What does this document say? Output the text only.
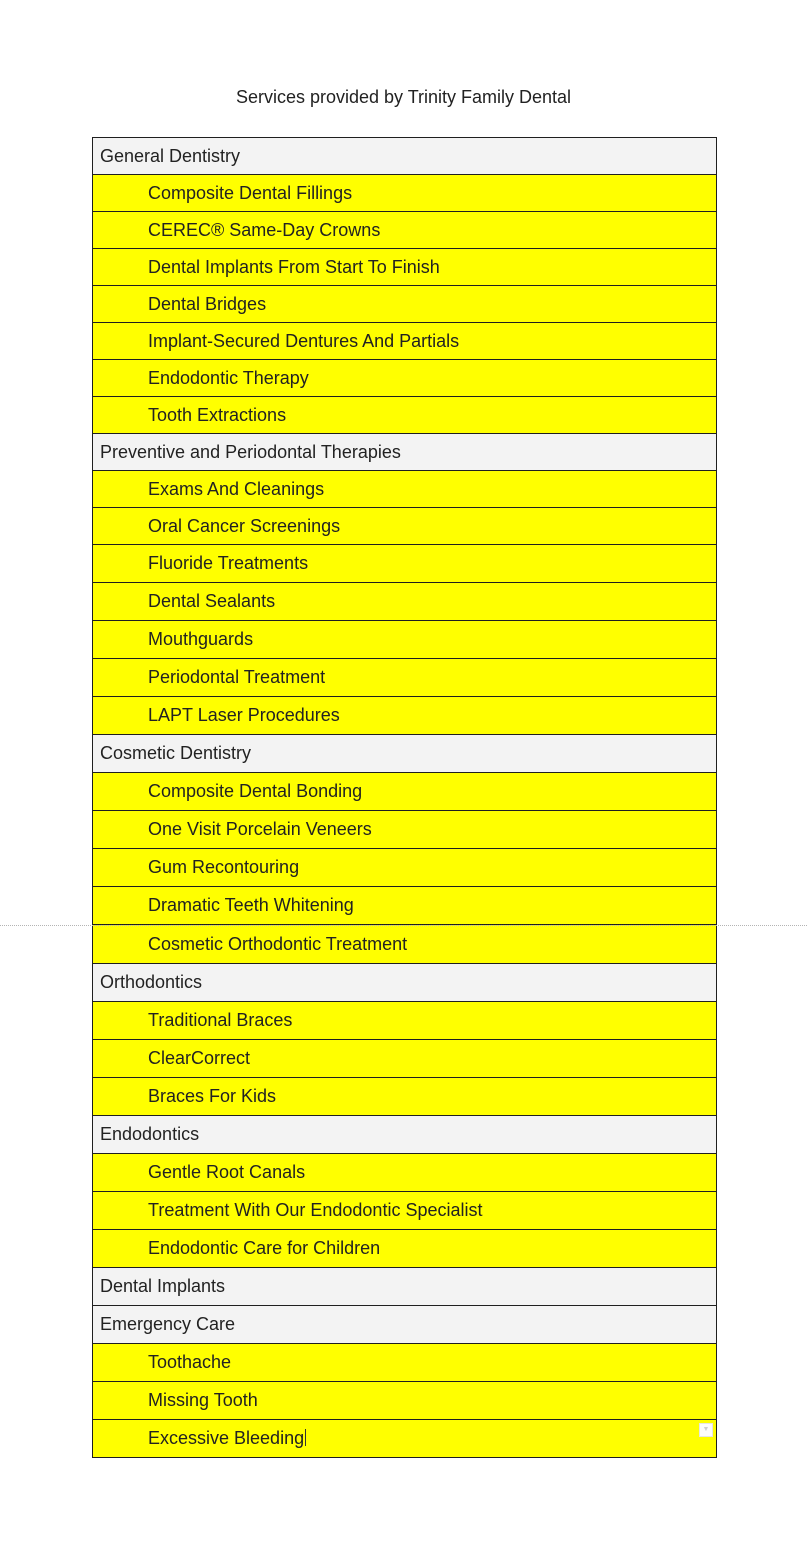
Services provided by Trinity Family Dental
General Dentistry
Composite Dental Fillings
CEREC® Same-Day Crowns
Dental Implants From Start To Finish
Dental Bridges
Implant-Secured Dentures And Partials
Endodontic Therapy
Tooth Extractions
Preventive and Periodontal Therapies
Exams And Cleanings
Oral Cancer Screenings
Fluoride Treatments
Dental Sealants
Mouthguards
Periodontal Treatment
LAPT Laser Procedures
Cosmetic Dentistry
Composite Dental Bonding
One Visit Porcelain Veneers
Gum Recontouring
Dramatic Teeth Whitening
Cosmetic Orthodontic Treatment
Orthodontics
Traditional Braces
ClearCorrect
Braces For Kids
Endodontics
Gentle Root Canals
Treatment With Our Endodontic Specialist
Endodontic Care for Children
Dental Implants
Emergency Care
Toothache
Missing Tooth
Excessive Bleeding	▼
